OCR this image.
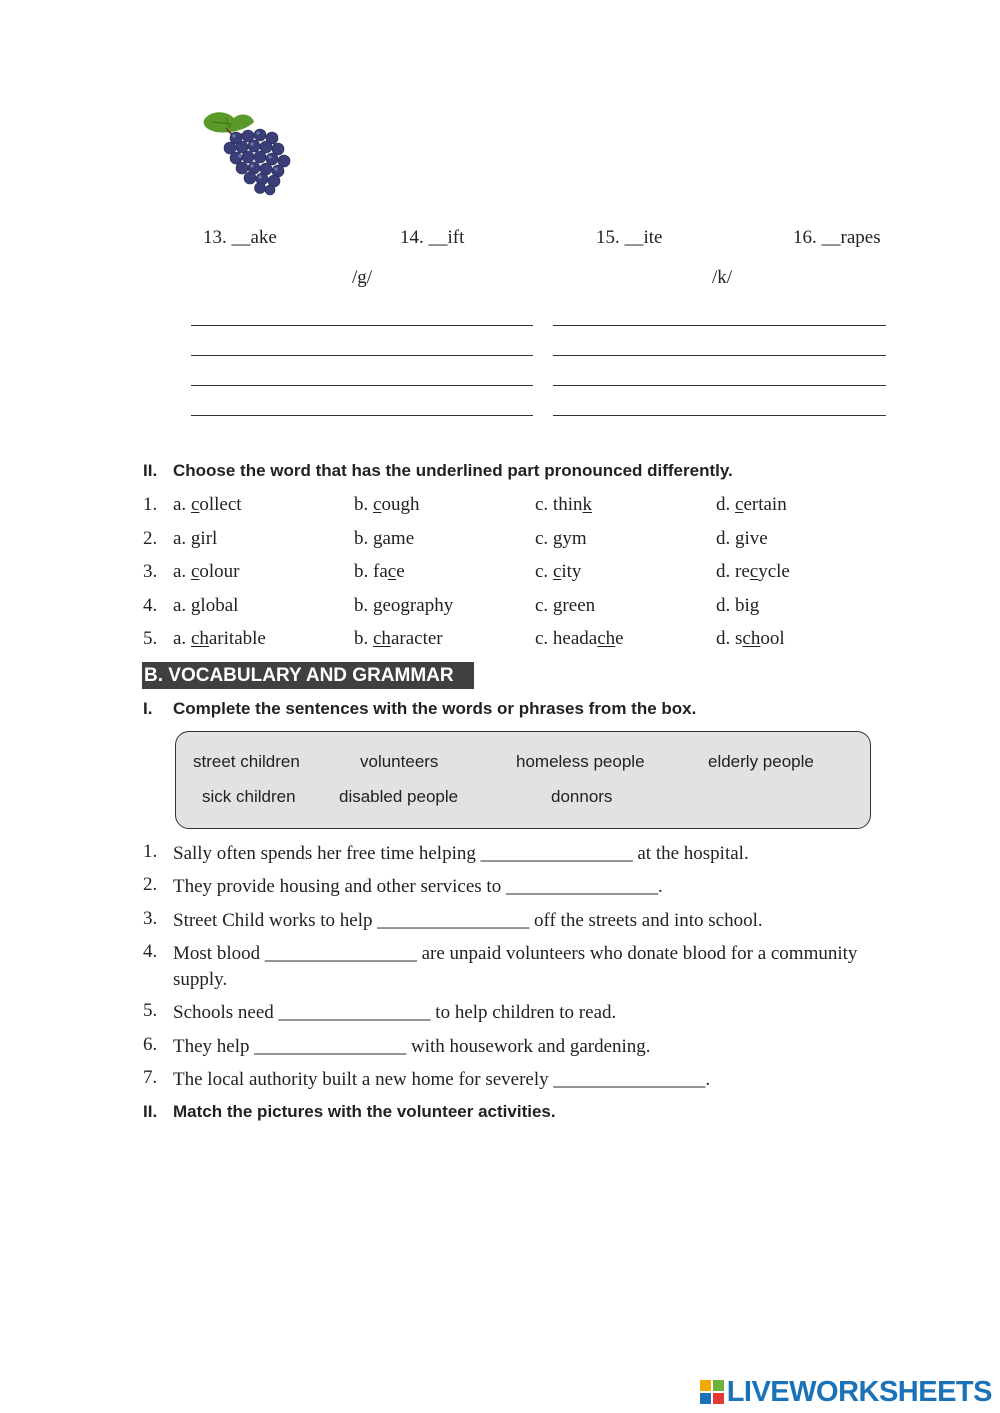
13. __ake	14. __ift	15. __ite	16. __rapes
/g/	/k/
II. Choose the word that has the underlined part pronounced differently.
1. a. collect	b. cough	c. think	d. certain
2. a. girl	b. game	c. gym	d. give
3. a. colour	b. face	c. city	d. recycle
4. a. global	b. geography	c. green	d. big
5. a. charitable	b. character	c. headache	d. school
B. VOCABULARY AND GRAMMAR
I. Complete the sentences with the words or phrases from the box.
street children	volunteers	homeless people	elderly people
sick children	disabled people	donnors
1. Sally often spends her free time helping ________________ at the hospital.
2. They provide housing and other services to ________________.
3. Street Child works to help ________________ off the streets and into school.
4. Most blood ________________ are unpaid volunteers who donate blood for a community supply.
5. Schools need ________________ to help children to read.
6. They help ________________ with housework and gardening.
7. The local authority built a new home for severely ________________.
II. Match the pictures with the volunteer activities.
LIVEWORKSHEETS
